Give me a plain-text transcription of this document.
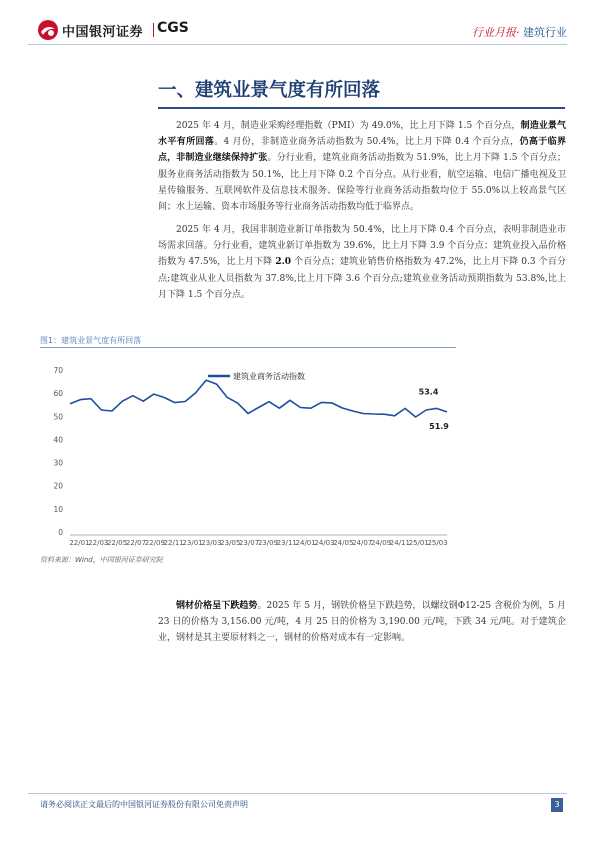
中国银河证券 CGS	行业月报· 建筑行业
一、建筑业景气度有所回落

2025 年 4 月，制造业采购经理指数（PMI）为 49.0%，比上月下降 1.5 个百分点，制造业景气水平有所回落。4 月份，非制造业商务活动指数为 50.4%，比上月下降 0.4 个百分点，仍高于临界点，非制造业继续保持扩张。分行业看，建筑业商务活动指数为 51.9%，比上月下降 1.5 个百分点；服务业商务活动指数为 50.1%，比上月下降 0.2 个百分点。从行业看，航空运输、电信广播电视及卫星传输服务、互联网软件及信息技术服务、保险等行业商务活动指数均位于 55.0%以上较高景气区间；水上运输、资本市场服务等行业商务活动指数均低于临界点。

2025 年 4 月，我国非制造业新订单指数为 50.4%，比上月下降 0.4 个百分点，表明非制造业市场需求回落。分行业看，建筑业新订单指数为 39.6%，比上月下降 3.9 个百分点；建筑业投入品价格指数为 47.5%，比上月下降 2.0 个百分点；建筑业销售价格指数为 47.2%，比上月下降 0.3 个百分点;建筑业从业人员指数为 37.8%,比上月下降 3.6 个百分点;建筑业业务活动预期指数为 53.8%,比上月下降 1.5 个百分点。

图1：建筑业景气度有所回落
0
10
20
30
40
50
60
70
22/01
22/03
22/05
22/07
22/09
22/11
23/01
23/03
23/05
23/07
23/09
23/11
24/01
24/03
24/05
24/07
24/09
24/11
25/01
25/03
建筑业商务活动指数
53.4
51.9
资料来源：Wind，中国银河证券研究院

钢材价格呈下跌趋势。2025 年 5 月，钢铁价格呈下跌趋势，以螺纹钢Φ12-25 含税价为例，5 月 23 日的价格为 3,156.00 元/吨，4 月 25 日的价格为 3,190.00 元/吨，下跌 34 元/吨。对于建筑企业，钢材是其主要原材料之一，钢材的价格对成本有一定影响。

请务必阅读正文最后的中国银河证券股份有限公司免责声明	3
